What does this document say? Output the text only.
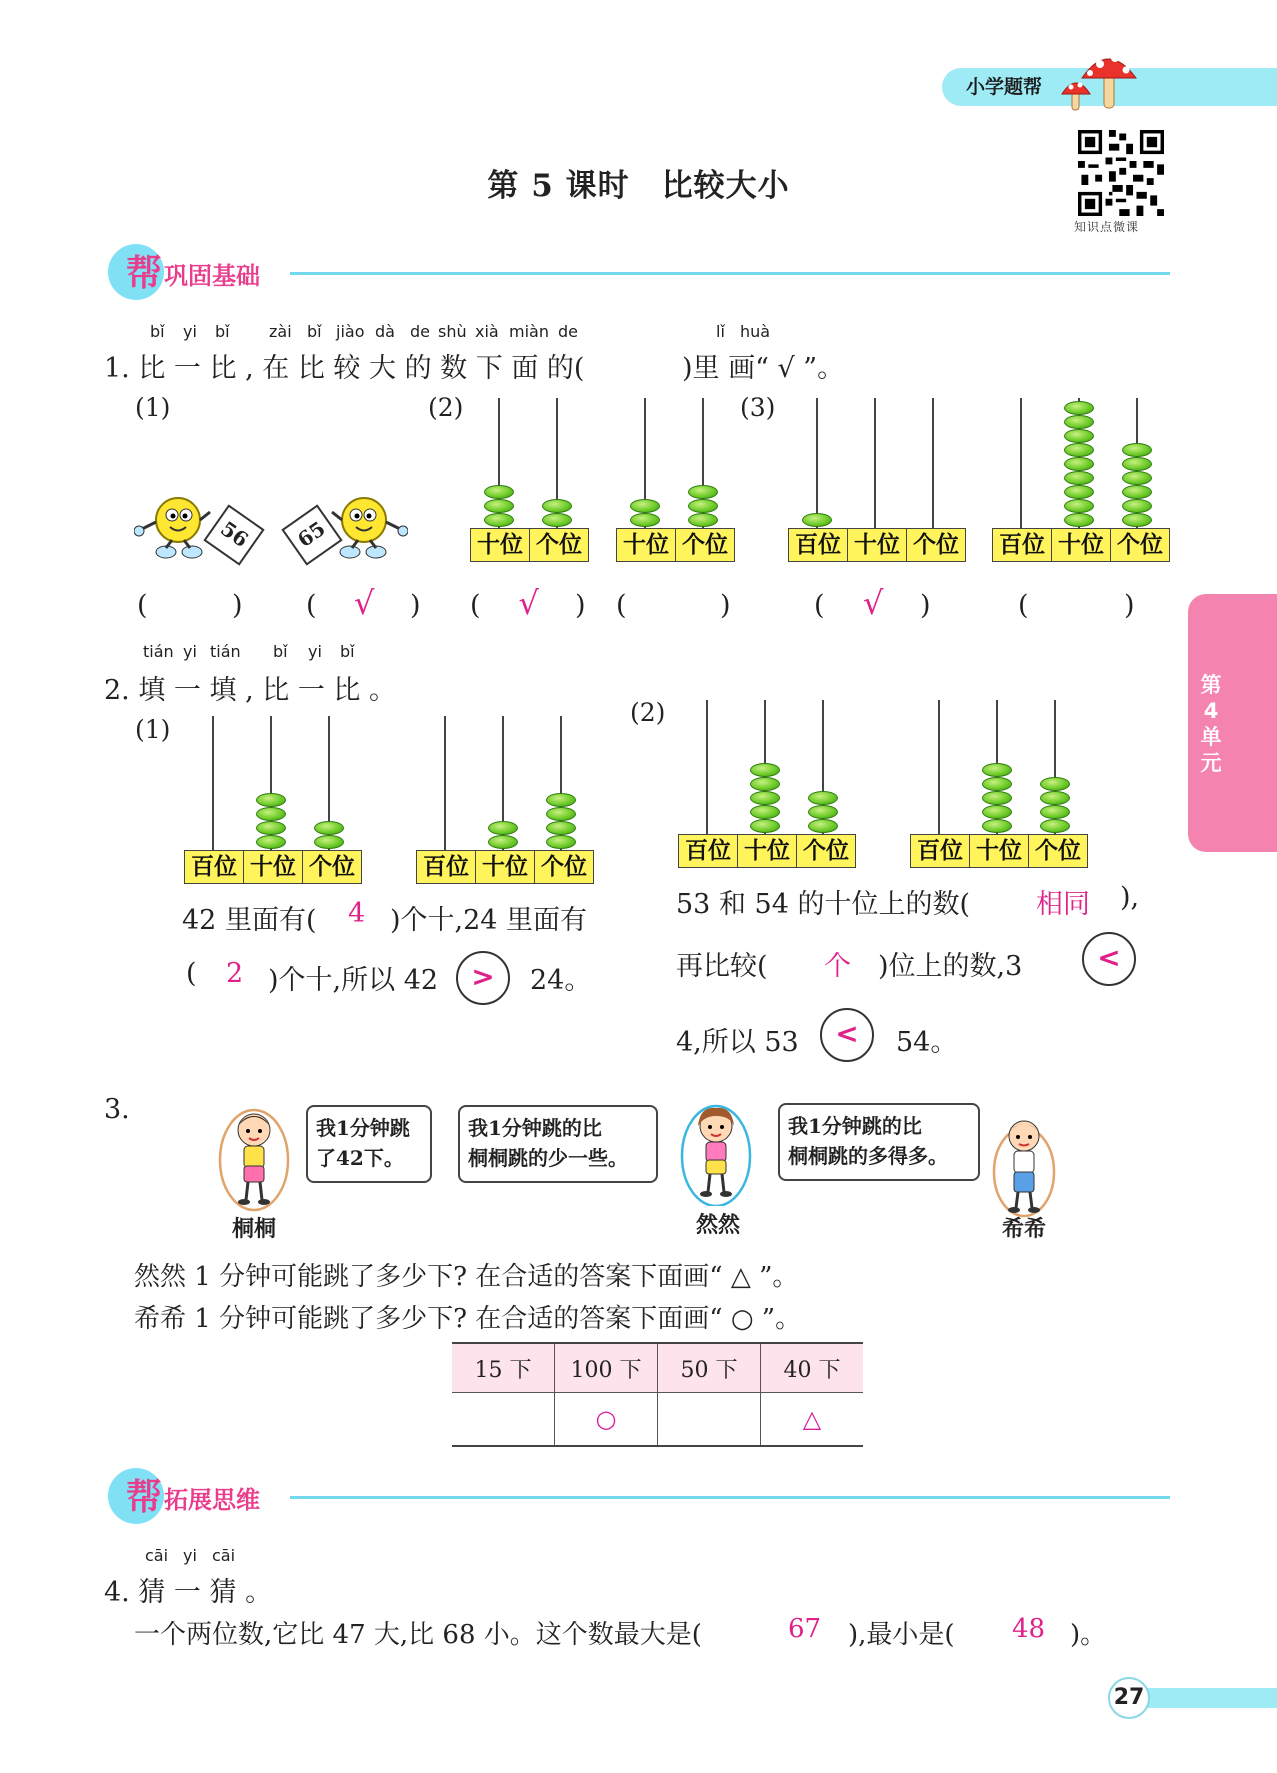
小学题帮
第 5 课时　比较大小
知识点微课
第4单元
帮 巩固基础
bǐ yi bǐ zài bǐ jiào dà de shù xià miàn de	lǐ huà
1. 比 一 比 , 在 比 较 大 的 数 下 面 的(	)里 画“ √ ”。
(1)	(2)	(3)
56	65	十位 个位 十位 个位	百位 十位 个位 百位 十位 个位
百位 十位 个位	百位 十位 个位
百位 十位 个位	百位 十位 个位
(	) ( √ ) ( √ ) (	)	( √ )	(	)
tián yi tián bǐ yi bǐ
2. 填 一 填 , 比 一 比 。
(1)
(2)
42 里面有( 4 )个十,24 里面有
( 2 )个十,所以 42	>	24。
53 和 54 的十位上的数( 相同 ),
再比较( 个 )位上的数,3	<
4,所以 53	<	54。
3.
我1分钟跳
了42下。
桐桐
我1分钟跳的比
桐桐跳的少一些。
然然
我1分钟跳的比
桐桐跳的多得多。
希希
然然 1 分钟可能跳了多少下? 在合适的答案下面画“ △ ”。
希希 1 分钟可能跳了多少下? 在合适的答案下面画“ ○ ”。
15 下	100 下	50 下	40 下
	○		△
帮 拓展思维
cāi yi cāi
4. 猜 一 猜 。
一个两位数,它比 47 大,比 68 小。这个数最大是(	67 ),最小是( 48 )。
27
